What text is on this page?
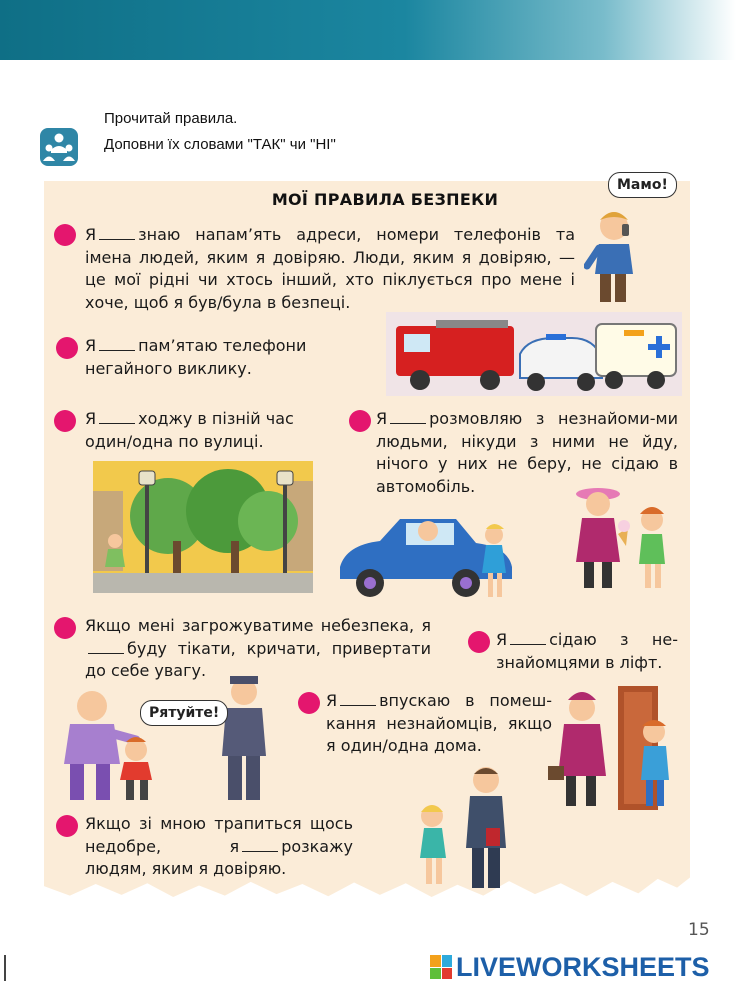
Прочитай правила.
Доповни їх словами "ТАК" чи "НІ"
МОЇ ПРАВИЛА БЕЗПЕКИ
Я	знаю напам’ять адреси, номери телефонів та імена людей, яким я довіряю. Люди, яким я довіряю, — це мої рідні чи хтось інший, хто піклується про мене і хоче, щоб я був/була в безпеці.
Я	пам’ятаю телефони негайного виклику.
Я	ходжу в пізній час один/одна по вулиці.
Я	розмовляю з незнайоми-ми людьми, нікуди з ними не йду, нічого у них не беру, не сідаю в автомобіль.
Якщо мені загрожуватиме небезпека, ябуду тікати, кричати, привертати до себе увагу.
Я	сідаю з не-знайомцями в ліфт.
Я	впускаю в помеш-кання незнайомців, якщо я один/одна дома.
Якщо зі мною трапиться щось недобре, я	розкажу людям, яким я довіряю.
Мамо!
Рятуйте!
15
LIVEWORKSHEETS
